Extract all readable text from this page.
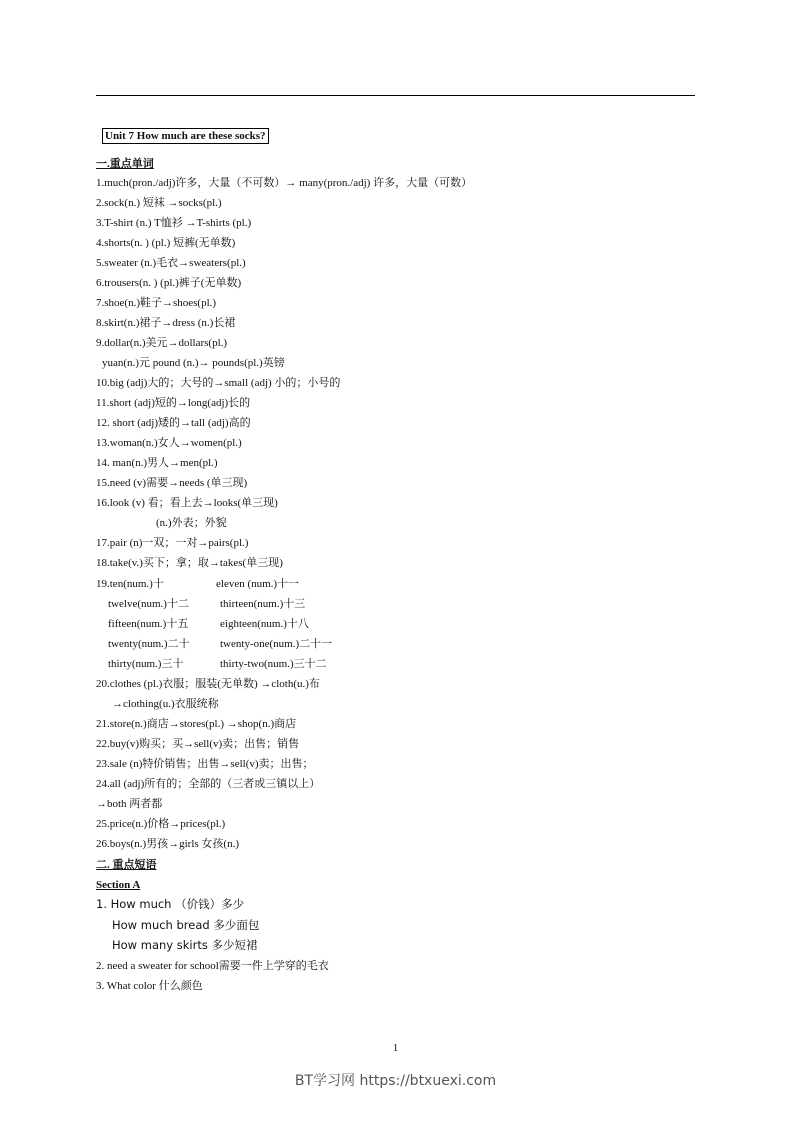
Unit 7 How much are these socks?
一.重点单词
1.much(pron./adj)许多，大量（不可数）→ many(pron./adj) 许多，大量（可数）
2.sock(n.) 短袜 →socks(pl.)
3.T-shirt (n.) T恤衫 →T-shirts (pl.)
4.shorts(n. ) (pl.) 短裤(无单数)
5.sweater (n.)毛衣→sweaters(pl.)
6.trousers(n. ) (pl.)裤子(无单数)
7.shoe(n.)鞋子→shoes(pl.)
8.skirt(n.)裙子→dress (n.)长裙
9.dollar(n.)美元→dollars(pl.)
yuan(n.)元 pound (n.)→ pounds(pl.)英镑
10.big (adj)大的；大号的→small (adj) 小的；小号的
11.short (adj)短的→long(adj)长的
12. short (adj)矮的→tall (adj)高的
13.woman(n.)女人→women(pl.)
14. man(n.)男人→men(pl.)
15.need (v)需要→needs (单三现)
16.look (v) 看；看上去→looks(单三现)
(n.)外表；外貌
17.pair (n)一双；一对→pairs(pl.)
18.take(v.)买下；拿；取→takes(单三现)
19.ten(num.)十
twelve(num.)十二
fifteen(num.)十五
twenty(num.)二十
thirty(num.)三十
eleven (num.)十一
thirteen(num.)十三
eighteen(num.)十八
twenty-one(num.)二十一
thirty-two(num.)三十二
20.clothes (pl.)衣服；服装(无单数) →cloth(u.)布
→clothing(u.)衣服统称
21.store(n.)商店→stores(pl.) →shop(n.)商店
22.buy(v)购买；买→sell(v)卖；出售；销售
23.sale (n)特价销售；出售→sell(v)卖；出售；
24.all (adj)所有的；全部的（三者或三镇以上）
→both 两者都
25.price(n.)价格→prices(pl.)
26.boys(n.)男孩→girls 女孩(n.)
二. 重点短语
Section A
1. How much （价钱）多少
How much bread 多少面包
How many skirts 多少短裙
2. need a sweater for school需要一件上学穿的毛衣
3. What color 什么颜色
1
BT学习网 https://btxuexi.com
